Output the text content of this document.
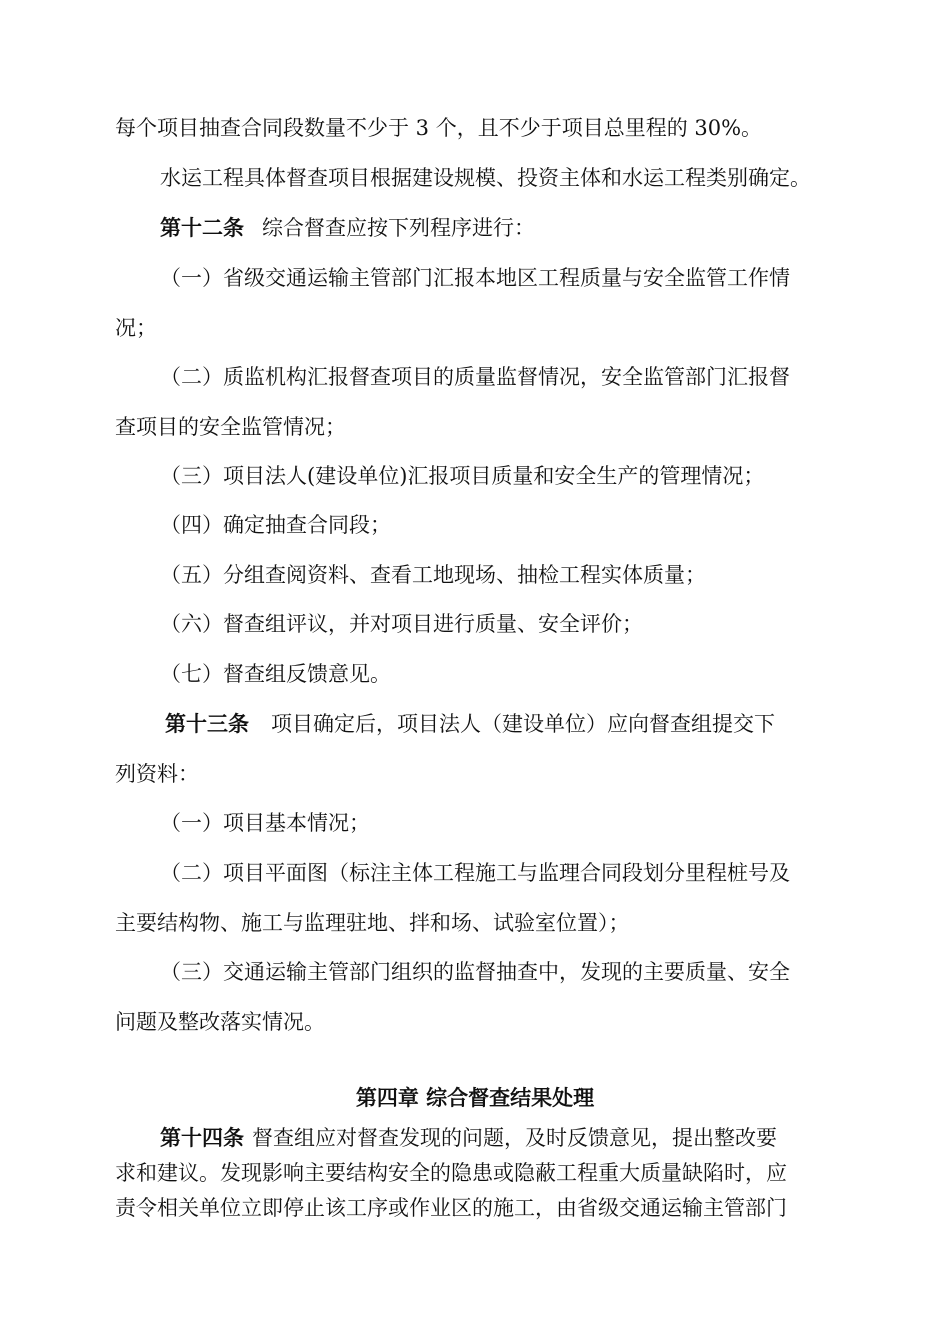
每个项目抽查合同段数量不少于 3 个，且不少于项目总里程的 30%。
水运工程具体督查项目根据建设规模、投资主体和水运工程类别确定。
第十二条 综合督查应按下列程序进行：
（一）省级交通运输主管部门汇报本地区工程质量与安全监管工作情
况；
（二）质监机构汇报督查项目的质量监督情况，安全监管部门汇报督
查项目的安全监管情况；
（三）项目法人(建设单位)汇报项目质量和安全生产的管理情况；
（四）确定抽查合同段；
（五）分组查阅资料、查看工地现场、抽检工程实体质量；
（六）督查组评议，并对项目进行质量、安全评价；
（七）督查组反馈意见。
第十三条 项目确定后，项目法人（建设单位）应向督查组提交下
列资料：
（一）项目基本情况；
（二）项目平面图（标注主体工程施工与监理合同段划分里程桩号及
主要结构物、施工与监理驻地、拌和场、试验室位置）；
（三）交通运输主管部门组织的监督抽查中，发现的主要质量、安全
问题及整改落实情况。
第四章 综合督查结果处理
第十四条 督查组应对督查发现的问题，及时反馈意见，提出整改要
求和建议。发现影响主要结构安全的隐患或隐蔽工程重大质量缺陷时，应
责令相关单位立即停止该工序或作业区的施工，由省级交通运输主管部门
